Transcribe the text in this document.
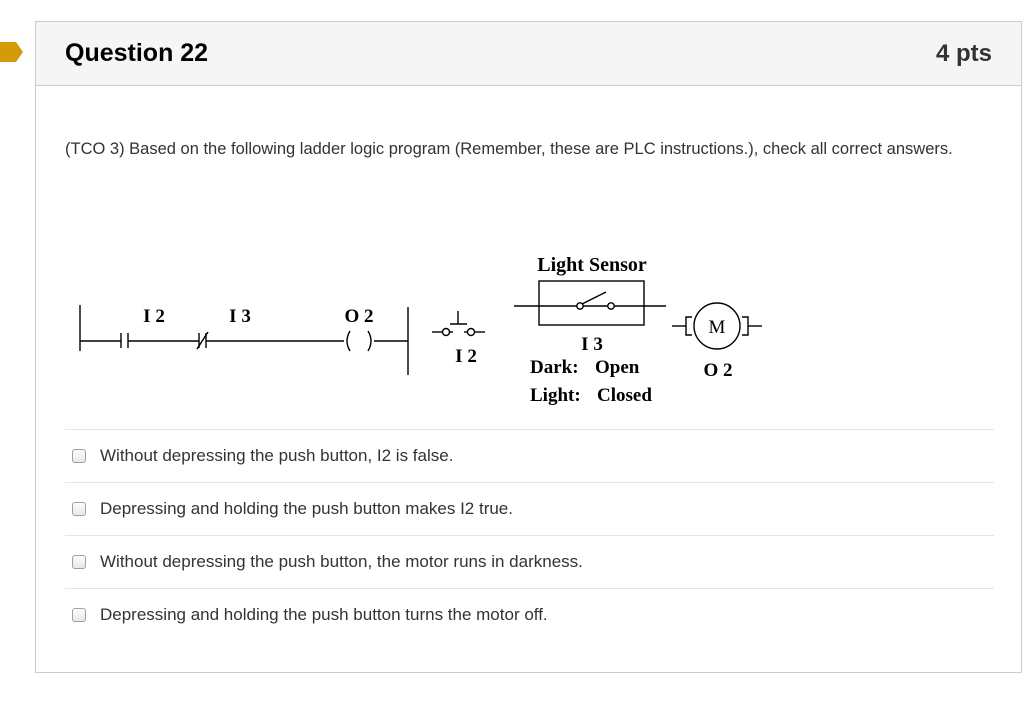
Question 22	4 pts
(TCO 3) Based on the following ladder logic program (Remember, these are PLC instructions.), check all correct answers.
I 2	I 3	O 2
I 2
Light Sensor
I 3
Dark: Open
Light: Closed
M
O 2
Without depressing the push button, I2 is false.
Depressing and holding the push button makes I2 true.
Without depressing the push button, the motor runs in darkness.
Depressing and holding the push button turns the motor off.
